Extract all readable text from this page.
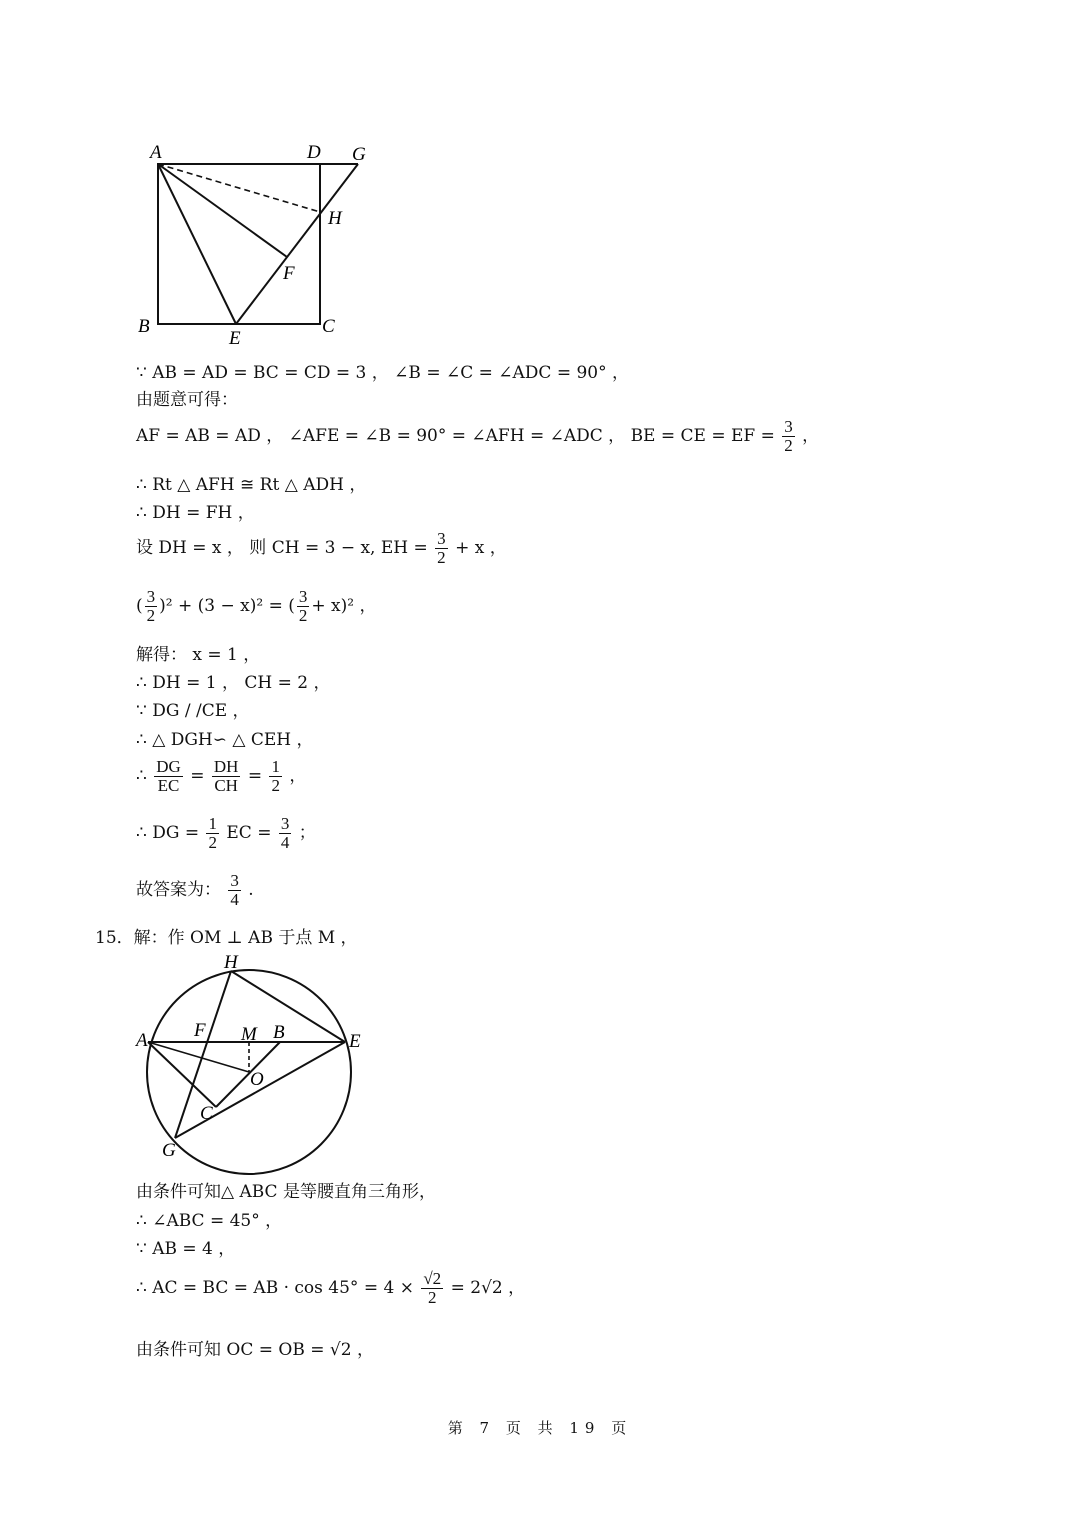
A	D G
H
F
B
E
C
∵ AB = AD = BC = CD = 3 ， ∠B = ∠C = ∠ADC = 90° ，
由题意可得：
AF = AB = AD ， ∠AFE = ∠B = 90° = ∠AFH = ∠ADC ， BE = CE = EF = $\frac{3}{2}$ ，
∴ Rt △ AFH ≅ Rt △ ADH ，
∴ DH = FH ，
设 DH = x ， 则 CH = 3 − x, EH = $\frac{3}{2} + x$ ，
( $\frac{3}{2} )^2 + (3 - x)^2$ = ( $\frac{3}{2} + x)^2$ ，
解得： x = 1 ，
∴ DH = 1 ， CH = 2 ，
∵ DG / /CE ，
∴ △ DGH∽ △ CEH ，
∴ $\frac{DG}{EC} = \frac{DH}{CH} = \frac{1}{2}$ ，
∴ DG = $\frac{1}{2}$ EC = $\frac{3}{4}$ ；
故答案为： $\frac{3}{4}$ .
15．解：作 OM ⊥ AB 于点 M ，
H
A F M B	E
O
C
G
由条件可知△ ABC 是等腰直角三角形，
∴ ∠ABC = 45° ，
∵ AB = 4 ，
∴ AC = BC = AB · $\cos 45^\circ = 4 \times \frac{√2}{2} = 2√2$ ，
由条件可知 OC = OB = √2 ，
第 7 页 共 19 页
